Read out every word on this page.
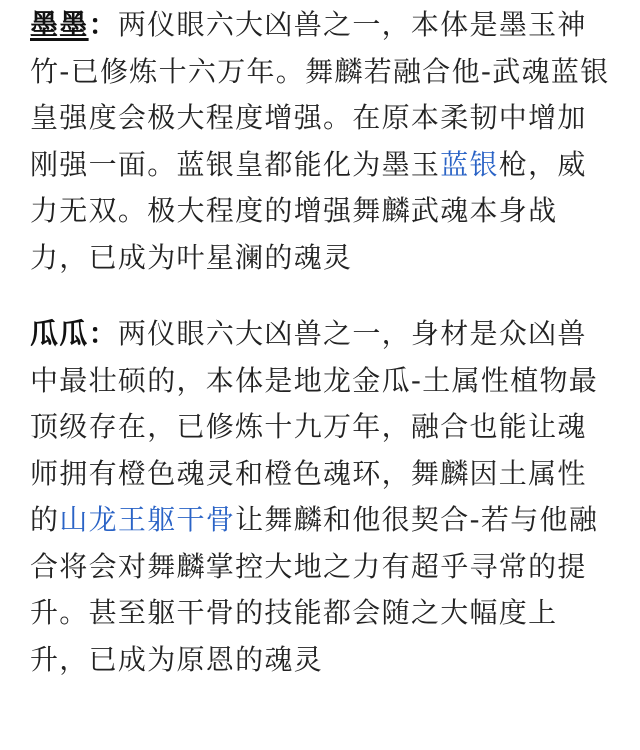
墨墨：两仪眼六大凶兽之一，本体是墨玉神竹-已修炼十六万年。舞麟若融合他-武魂蓝银皇强度会极大程度增强。在原本柔韧中增加刚强一面。蓝银皇都能化为墨玉蓝银枪，威力无双。极大程度的增强舞麟武魂本身战力，已成为叶星澜的魂灵

瓜瓜：两仪眼六大凶兽之一，身材是众凶兽中最壮硕的，本体是地龙金瓜-土属性植物最顶级存在，已修炼十九万年，融合也能让魂师拥有橙色魂灵和橙色魂环，舞麟因土属性的山龙王躯干骨让舞麟和他很契合-若与他融合将会对舞麟掌控大地之力有超乎寻常的提升。甚至躯干骨的技能都会随之大幅度上升，已成为原恩的魂灵
